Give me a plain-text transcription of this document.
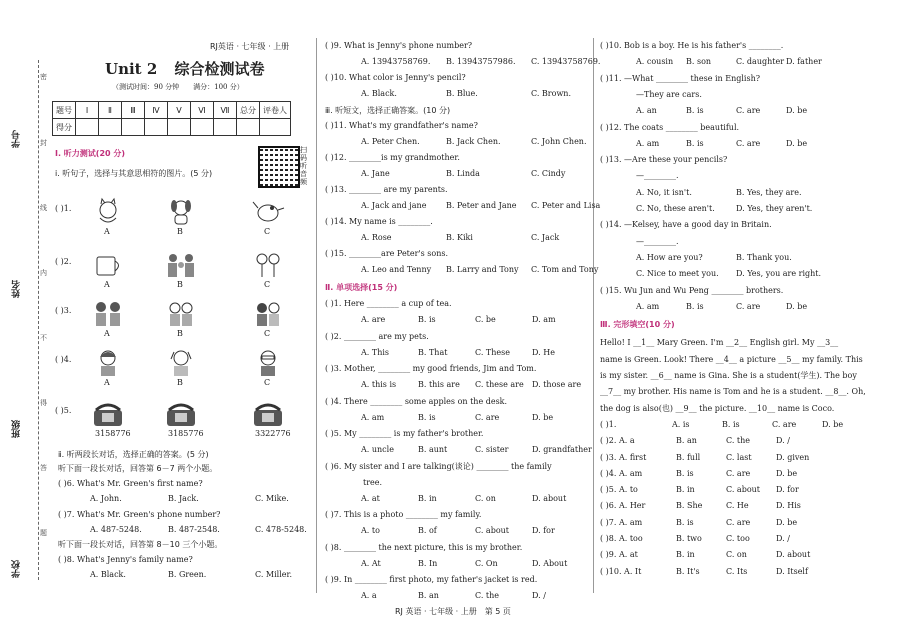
学号
姓名
班级
学校
密
封
线
内
不
得
答
题
RJ英语 · 七年级 · 上册
Unit 2 综合检测试卷
（测试时间：90 分钟　　满分：100 分）
题号	Ⅰ	Ⅱ	Ⅲ	Ⅳ	Ⅴ	Ⅵ	Ⅶ	总分	评卷人
得分									
扫码听音频
Ⅰ. 听力测试(20 分)
ⅰ. 听句子，选择与其意思相符的图片。(5 分)
( )1.
A	B	C
( )2.
A	B	C
( )3.
A	B	C
( )4.
A	B	C
( )5.
3158776	3185776	3322776
ⅱ. 听两段长对话，选择正确的答案。(5 分)
听下面一段长对话，回答第 6－7 两个小题。
( )6. What's Mr. Green's first name?
A. John.	B. Jack.	C. Mike.
( )7. What's Mr. Green's phone number?
A. 487-5248.	B. 487-2548.	C. 478-5248.
听下面一段长对话，回答第 8－10 三个小题。
( )8. What's Jenny's family name?
A. Black.	B. Green.	C. Miller.
( )9. What is Jenny's phone number?
A. 13943758769. B. 13943757986. C. 13943758769.
( )10. What color is Jenny's pencil?
A. Black.	B. Blue.	C. Brown.
ⅲ. 听短文，选择正确答案。(10 分)
( )11. What's my grandfather's name?
A. Peter Chen.	B. Jack Chen.	C. John Chen.
( )12. ________is my grandmother.
A. Jane	B. Linda	C. Cindy
( )13. ________ are my parents.
A. Jack and jane B. Peter and Jane C. Peter and Lisa
( )14. My name is ________.
A. Rose	B. Kiki	C. Jack
( )15. ________are Peter's sons.
A. Leo and Tenny B. Larry and Tony C. Tom and Tony
Ⅱ. 单项选择(15 分)
( )1. Here ________ a cup of tea.
A. are	B. is	C. be	D. am
( )2. ________ are my pets.
A. This	B. That	C. These	D. He
( )3. Mother, ________ my good friends, Jim and Tom.
A. this is	B. this are C. these are D. those are
( )4. There ________ some apples on the desk.
A. am	B. is	C. are	D. be
( )5. My ________ is my father's brother.
A. uncle	B. aunt	C. sister	D. grandfather
( )6. My sister and I are talking(谈论) ________ the family
tree.
A. at	B. in	C. on	D. about
( )7. This is a photo ________ my family.
A. to	B. of	C. about	D. for
( )8. ________ the next picture, this is my brother.
A. At	B. In	C. On	D. About
( )9. In ________ first photo, my father's jacket is red.
A. a	B. an	C. the	D. /
( )10. Bob is a boy. He is his father's ________.
A. cousin B. son	C. daughter D. father
( )11. —What ________ these in English?
—They are cars.
A. an	B. is	C. are	D. be
( )12. The coats ________ beautiful.
A. am	B. is	C. are	D. be
( )13. —Are these your pencils?
—________.
A. No, it isn't.	B. Yes, they are.
C. No, these aren't.	D. Yes, they aren't.
( )14. —Kelsey, have a good day in Britain.
—________.
A. How are you?	B. Thank you.
C. Nice to meet you. D. Yes, you are right.
( )15. Wu Jun and Wu Peng ________ brothers.
A. am	B. is	C. are	D. be
Ⅲ. 完形填空(10 分)
Hello! I __1__ Mary Green. I'm __2__ English girl. My __3__
name is Green. Look! There __4__ a picture __5__ my family. This
is my sister. __6__ name is Gina. She is a student(学生). The boy
__7__ my brother. His name is Tom and he is a student. __8__. Oh,
the dog is also(也) __9__ the picture. __10__ name is Coco.
( )1.	A. is	B. is	C. are	D. be
( )2. A. a	B. an	C. the	D. /
( )3. A. first	B. full	C. last	D. given
( )4. A. am	B. is	C. are	D. be
( )5. A. to	B. in	C. about D. for
( )6. A. Her	B. She	C. He	D. His
( )7. A. am	B. is	C. are	D. be
( )8. A. too	B. two	C. too	D. /
( )9. A. at	B. in	C. on	D. about
( )10. A. It	B. It's	C. Its	D. Itself
RJ 英语 · 七年级 · 上册　第 5 页
